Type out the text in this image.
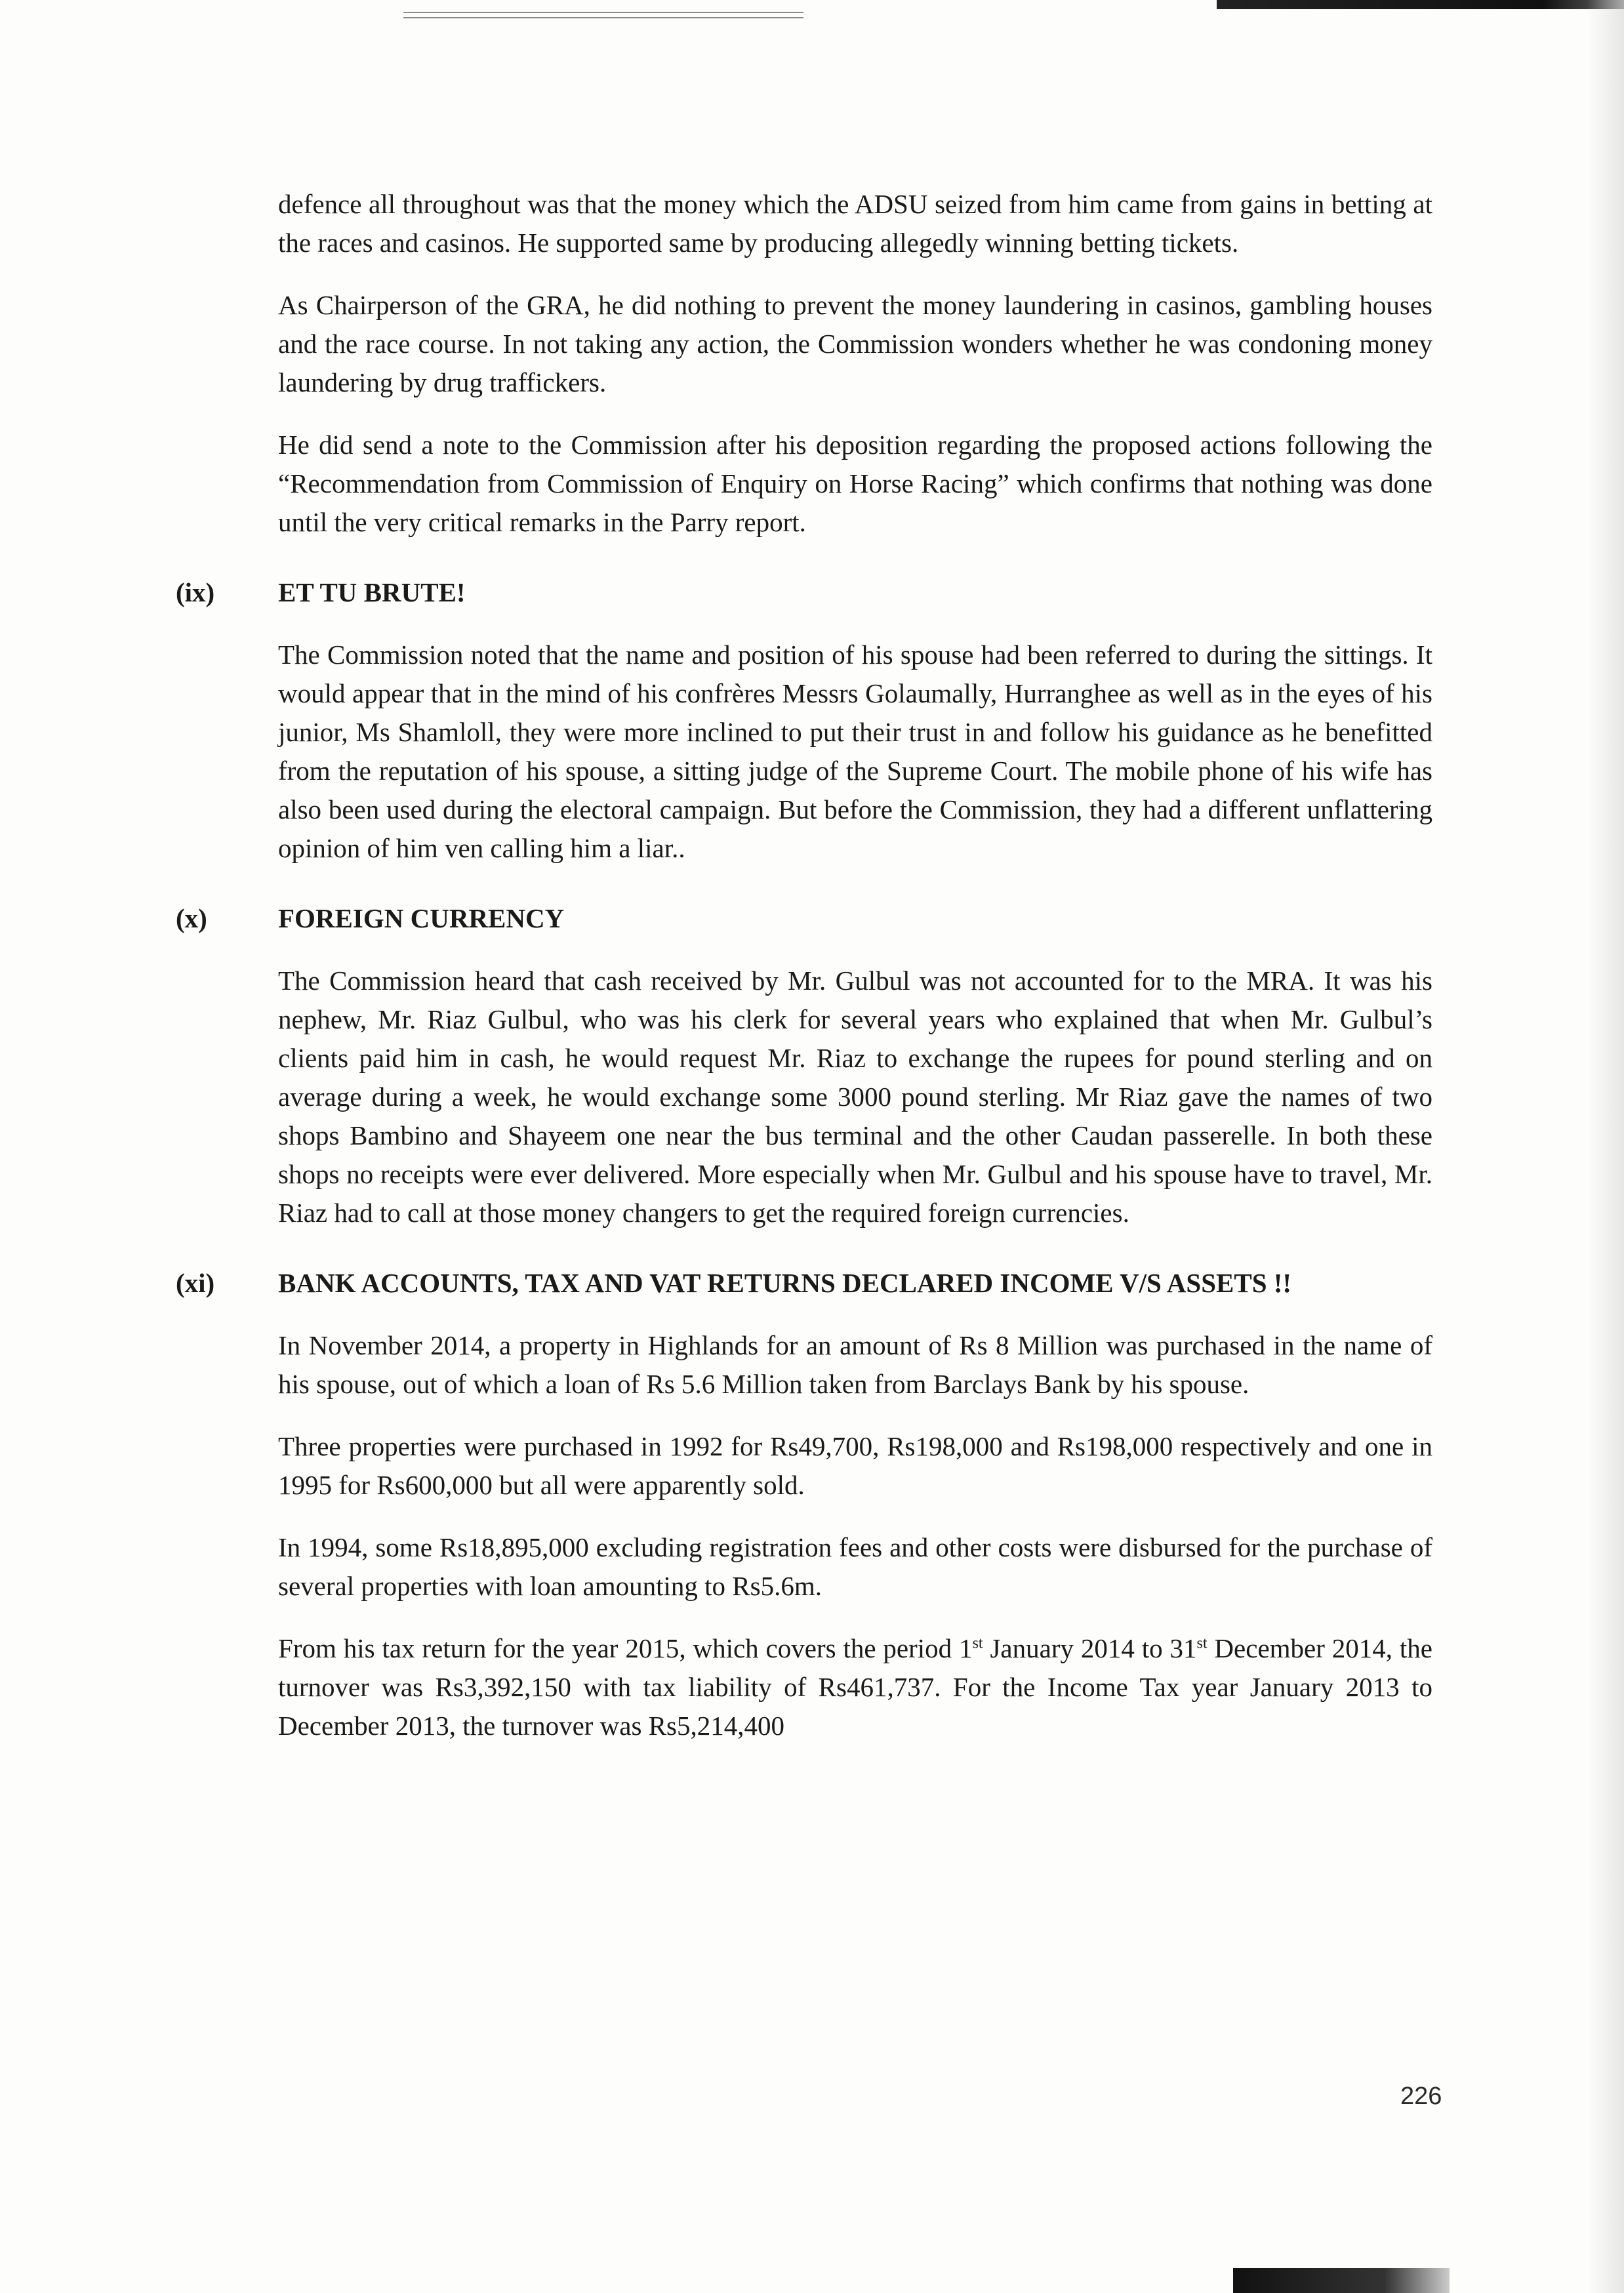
defence all throughout was that the money which the ADSU seized from him came from gains in betting at the races and casinos. He supported same by producing allegedly winning betting tickets.

As Chairperson of the GRA, he did nothing to prevent the money laundering in casinos, gambling houses and the race course. In not taking any action, the Commission wonders whether he was condoning money laundering by drug traffickers.

He did send a note to the Commission after his deposition regarding the proposed actions following the “Recommendation from Commission of Enquiry on Horse Racing” which confirms that nothing was done until the very critical remarks in the Parry report.

(ix) ET TU BRUTE!

The Commission noted that the name and position of his spouse had been referred to during the sittings. It would appear that in the mind of his confrères Messrs Golaumally, Hurranghee as well as in the eyes of his junior, Ms Shamloll, they were more inclined to put their trust in and follow his guidance as he benefitted from the reputation of his spouse, a sitting judge of the Supreme Court. The mobile phone of his wife has also been used during the electoral campaign. But before the Commission, they had a different unflattering opinion of him ven calling him a liar..

(x)	FOREIGN CURRENCY

The Commission heard that cash received by Mr. Gulbul was not accounted for to the MRA. It was his nephew, Mr. Riaz Gulbul, who was his clerk for several years who explained that when Mr. Gulbul’s clients paid him in cash, he would request Mr. Riaz to exchange the rupees for pound sterling and on average during a week, he would exchange some 3000 pound sterling. Mr Riaz gave the names of two shops Bambino and Shayeem one near the bus terminal and the other Caudan passerelle. In both these shops no receipts were ever delivered. More especially when Mr. Gulbul and his spouse have to travel, Mr. Riaz had to call at those money changers to get the required foreign currencies.

(xi) BANK ACCOUNTS, TAX AND VAT RETURNS DECLARED INCOME V/S ASSETS !!

In November 2014, a property in Highlands for an amount of Rs 8 Million was purchased in the name of his spouse, out of which a loan of Rs 5.6 Million taken from Barclays Bank by his spouse.

Three properties were purchased in 1992 for Rs49,700, Rs198,000 and Rs198,000 respectively and one in 1995 for Rs600,000 but all were apparently sold.

In 1994, some Rs18,895,000 excluding registration fees and other costs were disbursed for the purchase of several properties with loan amounting to Rs5.6m.

From his tax return for the year 2015, which covers the period 1st January 2014 to 31st December 2014, the turnover was Rs3,392,150 with tax liability of Rs461,737. For the Income Tax year January 2013 to December 2013, the turnover was Rs5,214,400

226
